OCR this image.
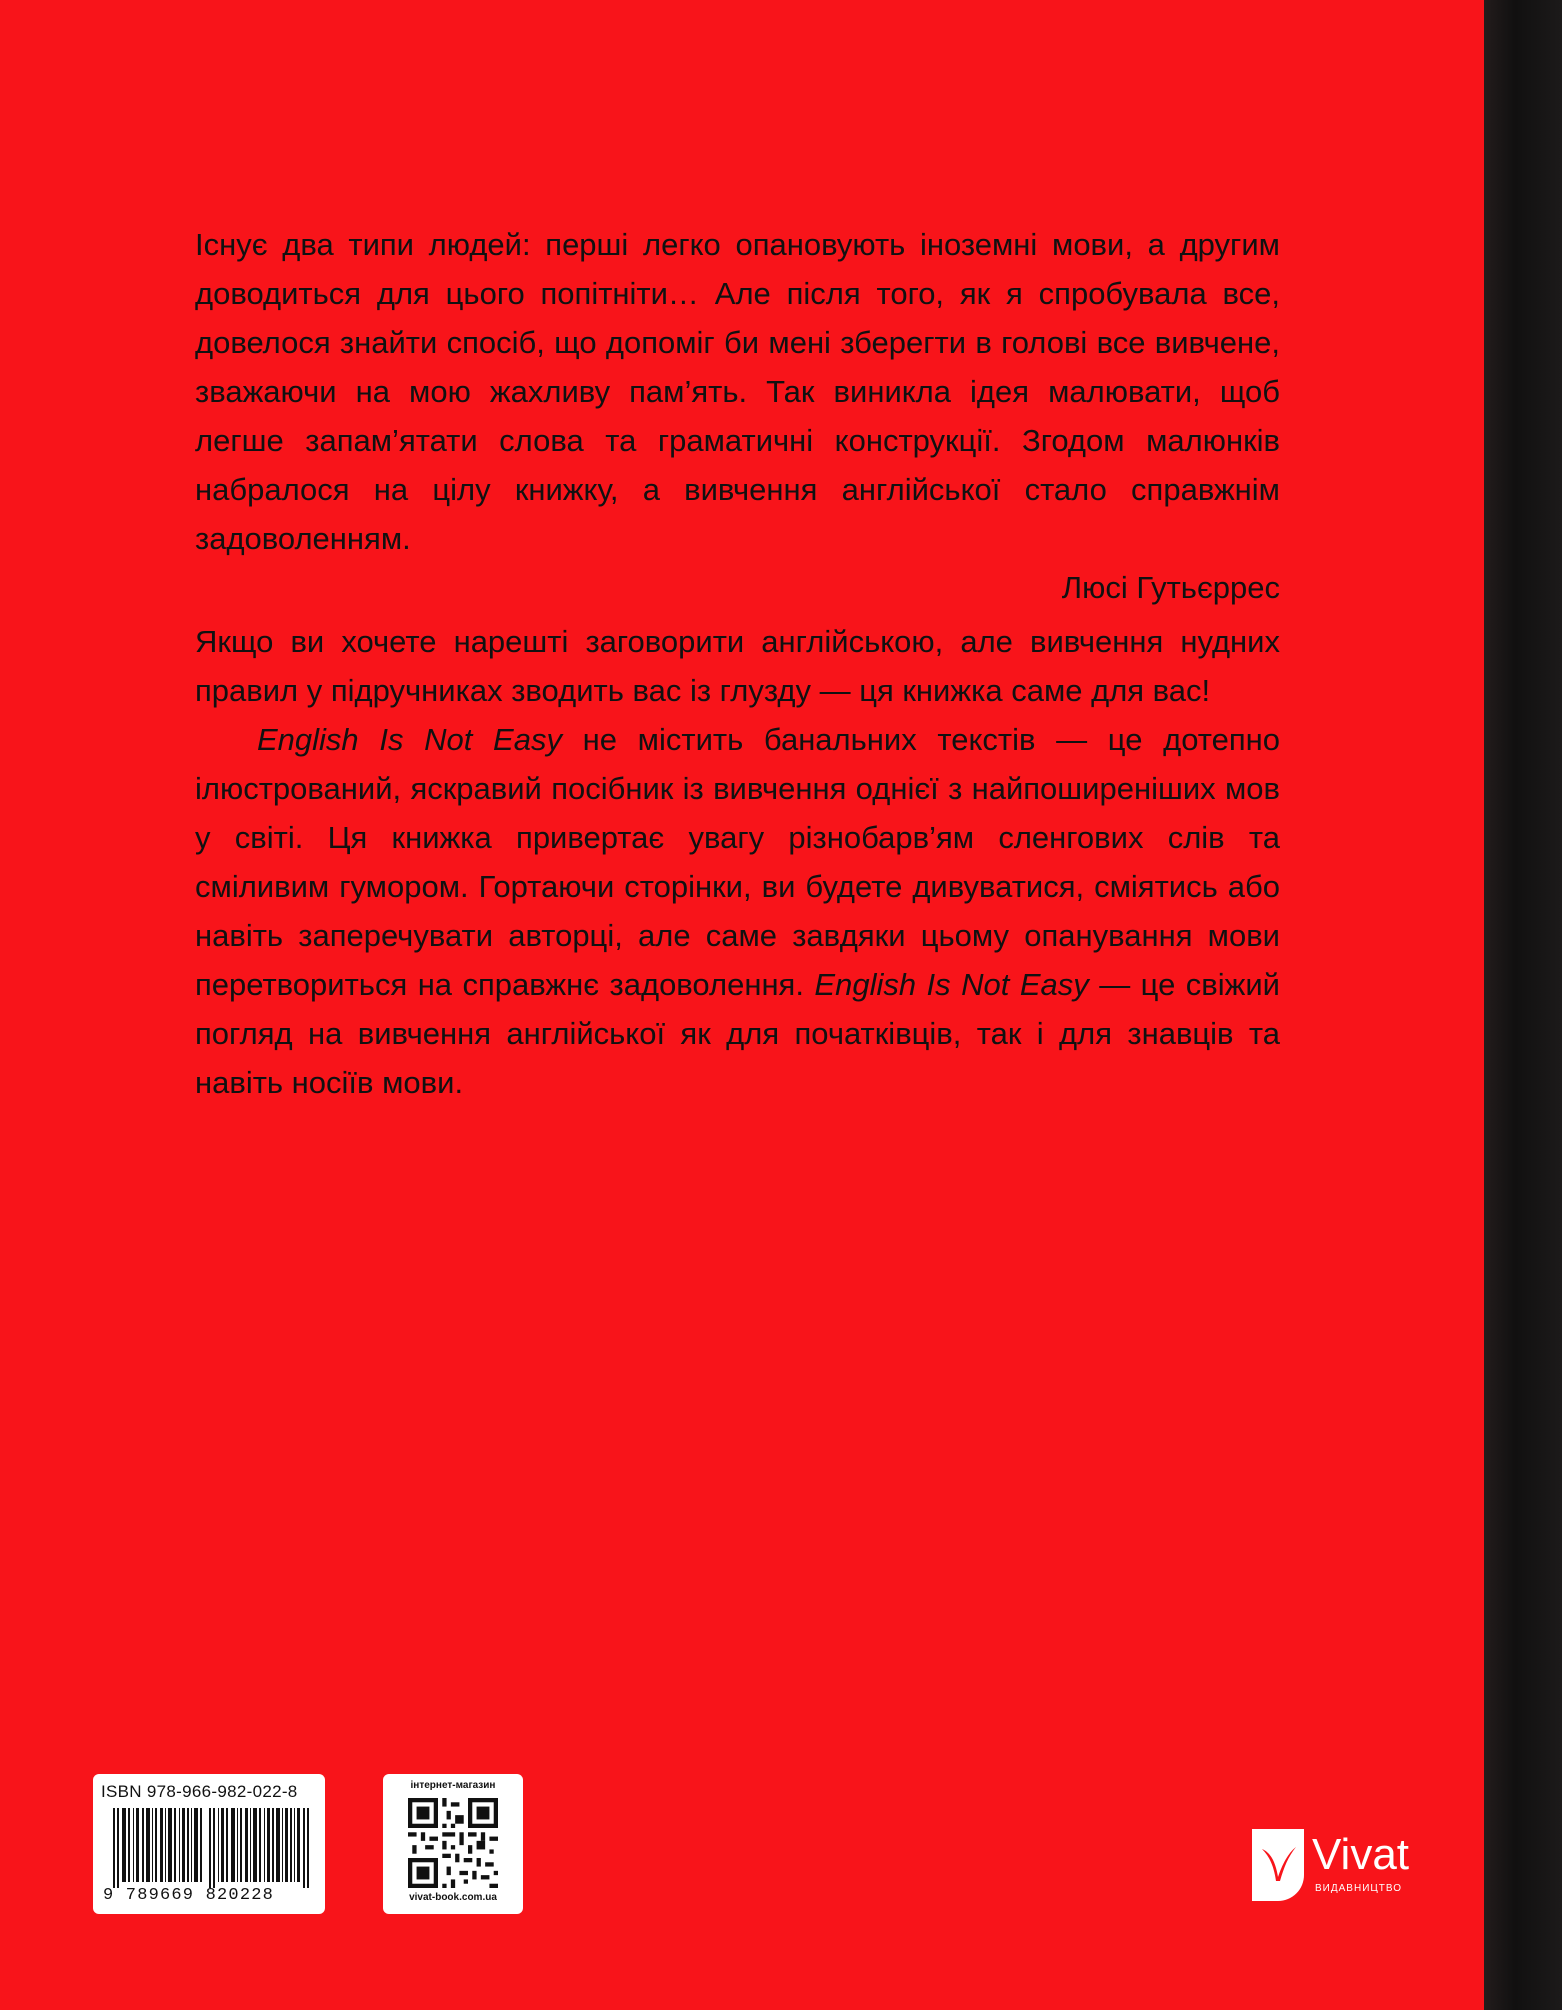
Існує два типи людей: перші легко опановують іноземні мови, а другим доводиться для цього попітніти… Але після того, як я спробувала все, довелося знайти спосіб, що допоміг би мені зберегти в голові все вивчене, зважаючи на мою жахливу пам’ять. Так виникла ідея малювати, щоб легше запам’ятати слова та граматичні конструкції. Згодом малюнків набралося на цілу книжку, а вивчення англійської стало справжнім задоволенням.

Люсі Гутьєррес

Якщо ви хочете нарешті заговорити англійською, але вивчення нудних правил у підручниках зводить вас із глузду — ця книжка саме для вас!

English Is Not Easy не містить банальних текстів — це дотепно ілюстрований, яскравий посібник із вивчення однієї з найпоширеніших мов у світі. Ця книжка привертає увагу різнобарв’ям сленгових слів та сміливим гумором. Гортаючи сторінки, ви будете дивуватися, сміятись або навіть заперечувати авторці, але саме завдяки цьому опанування мови перетвориться на справжнє задоволення. English Is Not Easy — це свіжий погляд на вивчення англійської як для початківців, так і для знавців та навіть носіїв мови.

ISBN 978-966-982-022-8
9 789669 820228
інтернет-магазин
vivat-book.com.ua
Vivat
ВИДАВНИЦТВО
